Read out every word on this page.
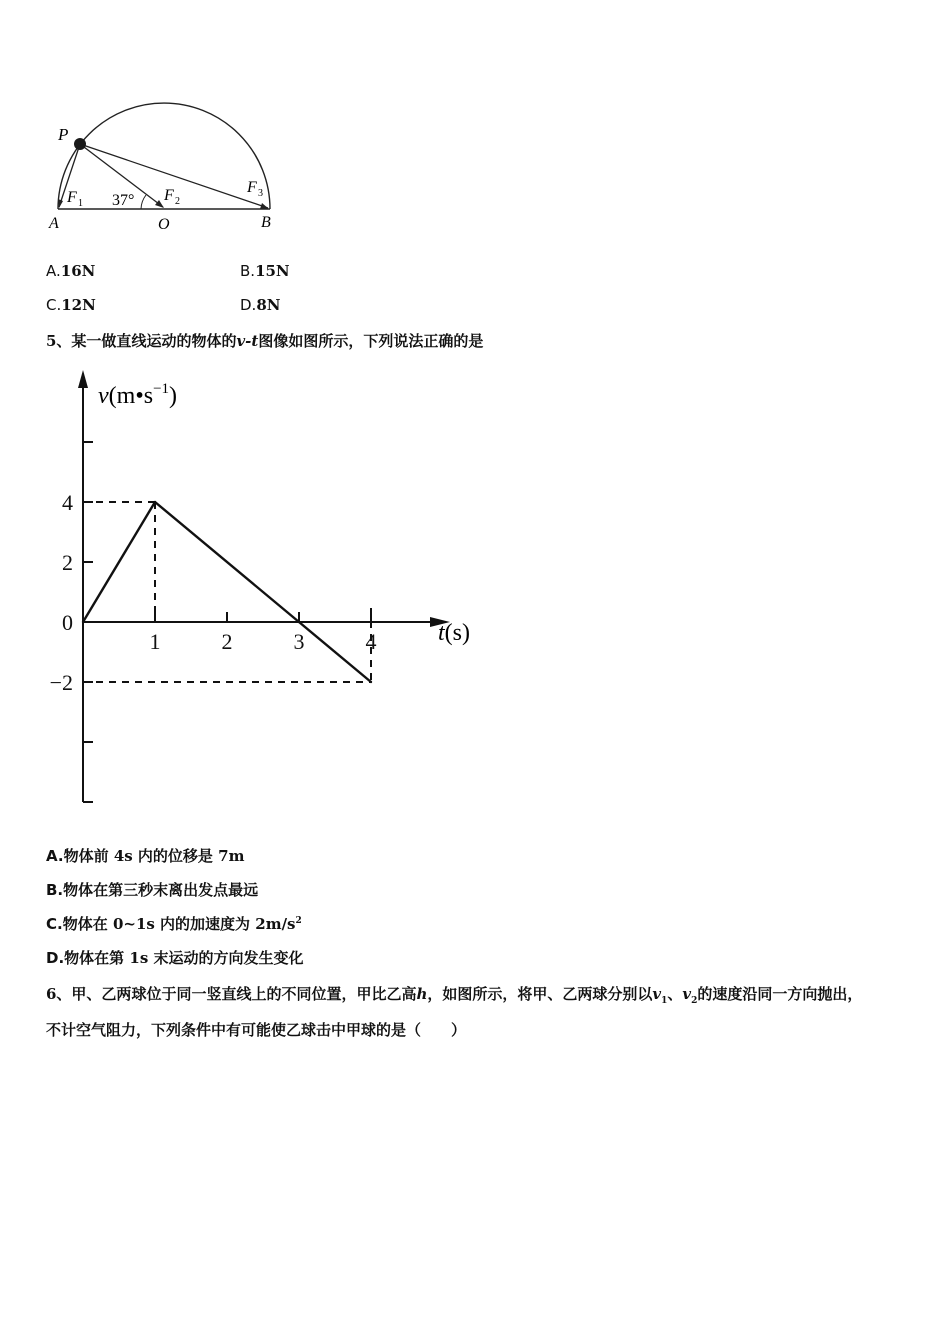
P
A	O	B
F 1 37° F 2
F 3
A.16N	B.15N
C.12N	D.8N
5、某一做直线运动的物体的v-t图像如图所示，下列说法正确的是
4
2
0
−2
1	2	3	4
$v(m•s^{-1})$
t(s)
A.物体前 4s 内的位移是 7m
B.物体在第三秒末离出发点最远
C.物体在 0~1s 内的加速度为 $2m/s^2$
D.物体在第 1s 末运动的方向发生变化
6、甲、乙两球位于同一竖直线上的不同位置，甲比乙高h，如图所示，将甲、乙两球分别以$v_1$、$v_2$的速度沿同一方向抛出，
不计空气阻力，下列条件中有可能使乙球击中甲球的是（　　）
